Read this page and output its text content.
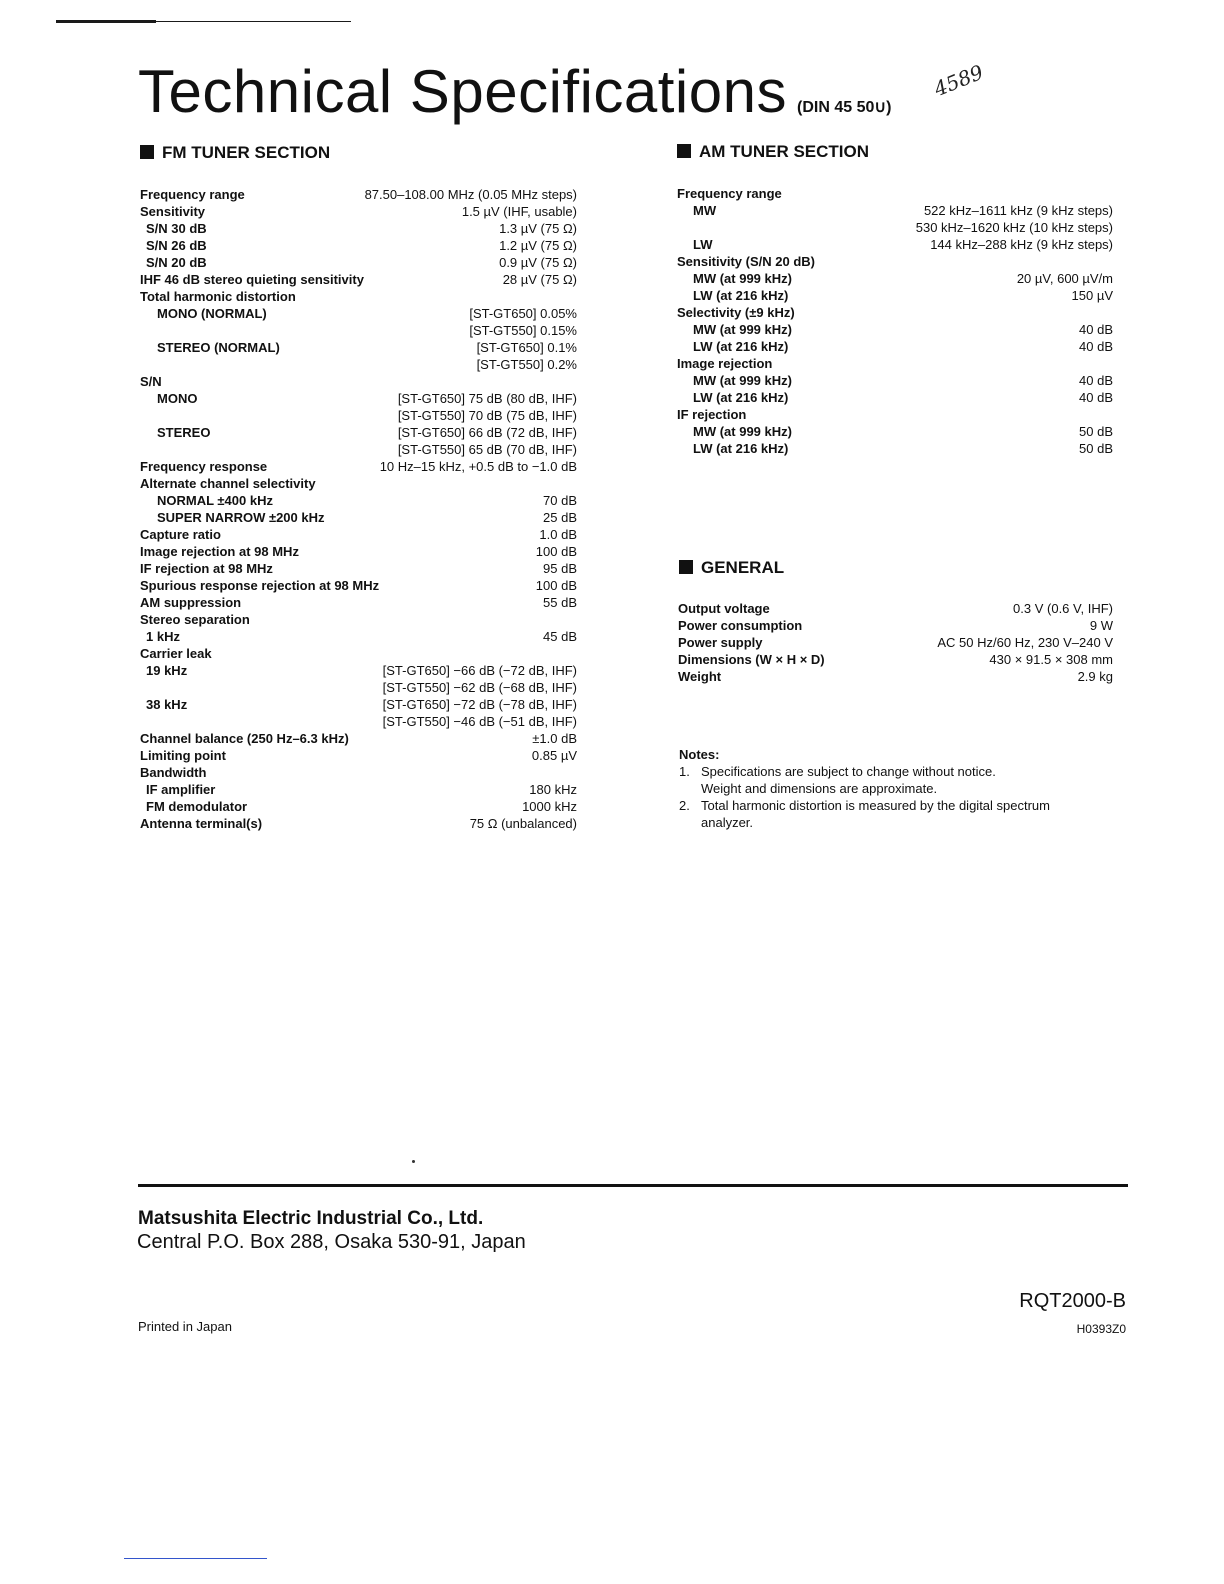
Technical Specifications (DIN 45 50∪)
4589
FM TUNER SECTION	AM TUNER SECTION
GENERAL
Frequency range	87.50–108.00 MHz (0.05 MHz steps)
Sensitivity	1.5 µV (IHF, usable)
S/N 30 dB	1.3 µV (75 Ω)
S/N 26 dB	1.2 µV (75 Ω)
S/N 20 dB	0.9 µV (75 Ω)
IHF 46 dB stereo quieting sensitivity	28 µV (75 Ω)
Total harmonic distortion
MONO (NORMAL)	[ST-GT650] 0.05%
[ST-GT550] 0.15%
STEREO (NORMAL)	[ST-GT650] 0.1%
[ST-GT550] 0.2%
S/N
MONO	[ST-GT650] 75 dB (80 dB, IHF)
[ST-GT550] 70 dB (75 dB, IHF)
STEREO	[ST-GT650] 66 dB (72 dB, IHF)
[ST-GT550] 65 dB (70 dB, IHF)
Frequency response	10 Hz–15 kHz, +0.5 dB to −1.0 dB
Alternate channel selectivity
NORMAL ±400 kHz	70 dB
SUPER NARROW ±200 kHz	25 dB
Capture ratio	1.0 dB
Image rejection at 98 MHz	100 dB
IF rejection at 98 MHz	95 dB
Spurious response rejection at 98 MHz	100 dB
AM suppression	55 dB
Stereo separation
1 kHz	45 dB
Carrier leak
19 kHz	[ST-GT650] −66 dB (−72 dB, IHF)
[ST-GT550] −62 dB (−68 dB, IHF)
38 kHz	[ST-GT650] −72 dB (−78 dB, IHF)
[ST-GT550] −46 dB (−51 dB, IHF)
Channel balance (250 Hz–6.3 kHz)	±1.0 dB
Limiting point	0.85 µV
Bandwidth
IF amplifier	180 kHz
FM demodulator	1000 kHz
Antenna terminal(s)	75 Ω (unbalanced)
Frequency range
MW	522 kHz–1611 kHz (9 kHz steps)
530 kHz–1620 kHz (10 kHz steps)
LW	144 kHz–288 kHz (9 kHz steps)
Sensitivity (S/N 20 dB)
MW (at 999 kHz)	20 µV, 600 µV/m
LW (at 216 kHz)	150 µV
Selectivity (±9 kHz)
MW (at 999 kHz)	40 dB
LW (at 216 kHz)	40 dB
Image rejection
MW (at 999 kHz)	40 dB
LW (at 216 kHz)	40 dB
IF rejection
MW (at 999 kHz)	50 dB
LW (at 216 kHz)	50 dB
Output voltage	0.3 V (0.6 V, IHF)
Power consumption	9 W
Power supply	AC 50 Hz/60 Hz, 230 V–240 V
Dimensions (W × H × D)	430 × 91.5 × 308 mm
Weight	2.9 kg
Notes:
1. Specifications are subject to change without notice.
Weight and dimensions are approximate.
2. Total harmonic distortion is measured by the digital spectrum
analyzer.
Matsushita Electric Industrial Co., Ltd.
Central P.O. Box 288, Osaka 530-91, Japan
Printed in Japan
RQT2000-B
H0393Z0
